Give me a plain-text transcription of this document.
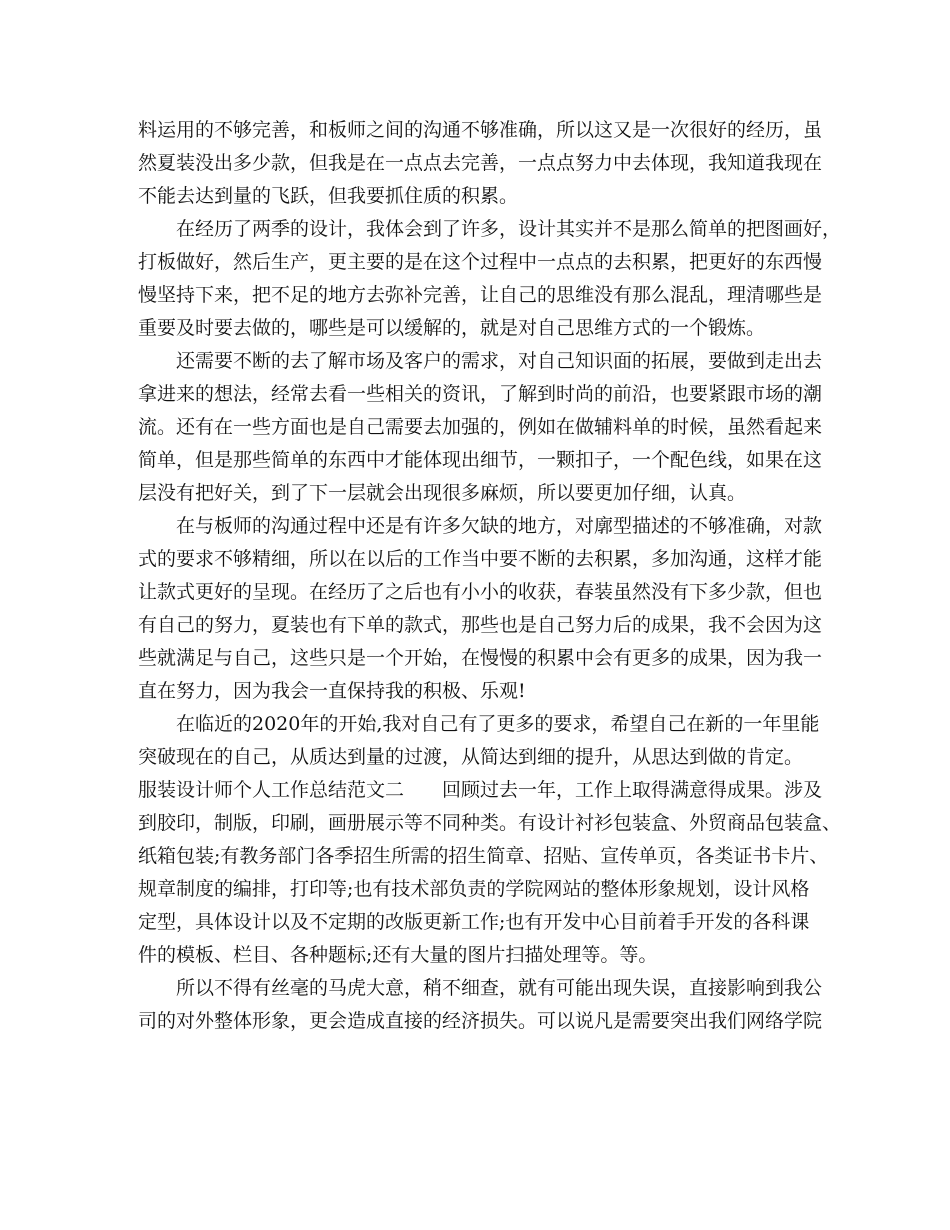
料运用的不够完善，和板师之间的沟通不够准确，所以这又是一次很好的经历，虽
然夏装没出多少款，但我是在一点点去完善，一点点努力中去体现，我知道我现在
不能去达到量的飞跃，但我要抓住质的积累。
在经历了两季的设计，我体会到了许多，设计其实并不是那么简单的把图画好，
打板做好，然后生产，更主要的是在这个过程中一点点的去积累，把更好的东西慢
慢坚持下来，把不足的地方去弥补完善，让自己的思维没有那么混乱，理清哪些是
重要及时要去做的，哪些是可以缓解的，就是对自己思维方式的一个锻炼。
还需要不断的去了解市场及客户的需求，对自己知识面的拓展，要做到走出去
拿进来的想法，经常去看一些相关的资讯，了解到时尚的前沿，也要紧跟市场的潮
流。还有在一些方面也是自己需要去加强的，例如在做辅料单的时候，虽然看起来
简单，但是那些简单的东西中才能体现出细节，一颗扣子，一个配色线，如果在这
层没有把好关，到了下一层就会出现很多麻烦，所以要更加仔细，认真。
在与板师的沟通过程中还是有许多欠缺的地方，对廓型描述的不够准确，对款
式的要求不够精细，所以在以后的工作当中要不断的去积累，多加沟通，这样才能
让款式更好的呈现。在经历了之后也有小小的收获，春装虽然没有下多少款，但也
有自己的努力，夏装也有下单的款式，那些也是自己努力后的成果，我不会因为这
些就满足与自己，这些只是一个开始，在慢慢的积累中会有更多的成果，因为我一
直在努力，因为我会一直保持我的积极、乐观!
在临近的2020年的开始,我对自己有了更多的要求，希望自己在新的一年里能
突破现在的自己，从质达到量的过渡，从简达到细的提升，从思达到做的肯定。
服装设计师个人工作总结范文二　　回顾过去一年，工作上取得满意得成果。涉及
到胶印，制版，印刷，画册展示等不同种类。有设计衬衫包装盒、外贸商品包装盒、
纸箱包装;有教务部门各季招生所需的招生简章、招贴、宣传单页，各类证书卡片、
规章制度的编排，打印等;也有技术部负责的学院网站的整体形象规划，设计风格
定型，具体设计以及不定期的改版更新工作;也有开发中心目前着手开发的各科课
件的模板、栏目、各种题标;还有大量的图片扫描处理等。等。
所以不得有丝毫的马虎大意，稍不细查，就有可能出现失误，直接影响到我公
司的对外整体形象，更会造成直接的经济损失。可以说凡是需要突出我们网络学院
